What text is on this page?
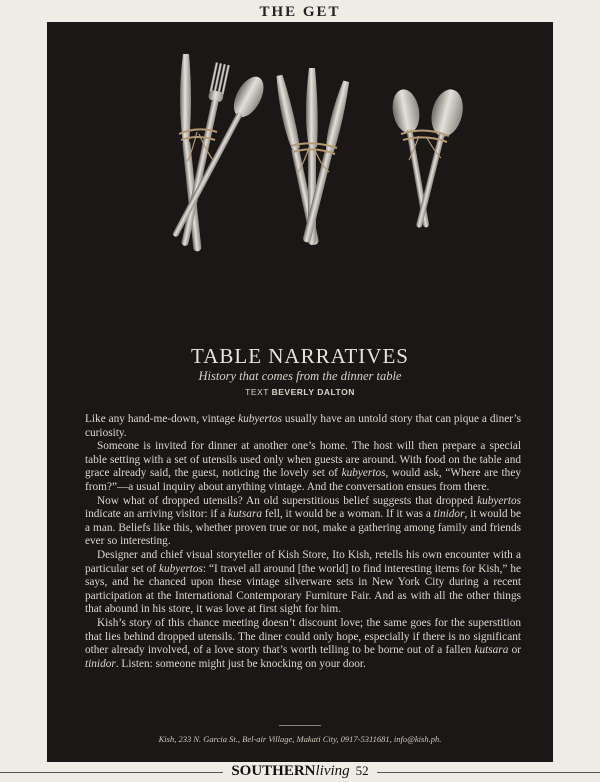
THE GET
TABLE NARRATIVES
History that comes from the dinner table
TEXT BEVERLY DALTON

Like any hand-me-down, vintage kubyertos usually have an untold story that can pique a diner’s curiosity.

Someone is invited for dinner at another one’s home. The host will then prepare a special table setting with a set of utensils used only when guests are around. With food on the table and grace already said, the guest, noticing the lovely set of kubyertos, would ask, “Where are they from?”—a usual inquiry about anything vintage. And the conversation ensues from there.

Now what of dropped utensils? An old superstitious belief suggests that dropped kubyertos indicate an arriving visitor: if a kutsara fell, it would be a woman. If it was a tinidor, it would be a man. Beliefs like this, whether proven true or not, make a gathering among family and friends ever so interesting.

Designer and chief visual storyteller of Kish Store, Ito Kish, retells his own encounter with a particular set of kubyertos: “I travel all around [the world] to find interesting items for Kish,” he says, and he chanced upon these vintage silverware sets in New York City during a recent participation at the International Contemporary Furniture Fair. And as with all the other things that abound in his store, it was love at first sight for him.

Kish’s story of this chance meeting doesn’t discount love; the same goes for the superstition that lies behind dropped utensils. The diner could only hope, especially if there is no significant other already involved, of a love story that’s worth telling to be borne out of a fallen kutsara or tinidor. Listen: someone might just be knocking on your door.

Kish, 233 N. Garcia St., Bel-air Village, Makati City, 0917-5311681, info@kish.ph.
SOUTHERNliving 52
